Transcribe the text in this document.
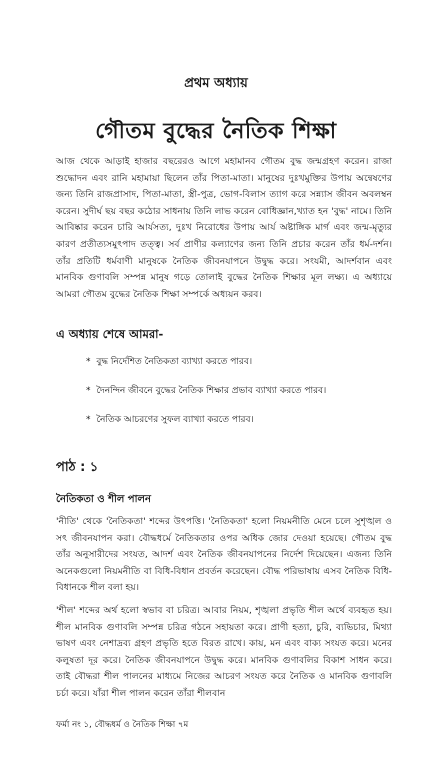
প্রথম অধ্যায়
গৌতম বুদ্ধের নৈতিক শিক্ষা

আজ থেকে আড়াই হাজার বছরেরও আগে মহামানব গৌতম বুদ্ধ জন্মগ্রহণ করেন। রাজা শুদ্ধোদন এবং রানি মহামায়া ছিলেন তাঁর পিতা-মাতা। মানুষের দুঃখমুক্তির উপায় অন্বেষণের জন্য তিনি রাজপ্রাসাদ, পিতা-মাতা, স্ত্রী-পুত্র, ভোগ-বিলাস ত্যাগ করে সন্ন্যাস জীবন অবলম্বন করেন। সুদীর্ঘ ছয় বছর কঠোর সাধনায় তিনি লাভ করেন বোধিজ্ঞান,খ্যাত হন 'বুদ্ধ' নামে। তিনি আবিষ্কার করেন চারি আর্যসত্য, দুঃখ নিরোধের উপায় আর্য অষ্টাঙ্গিক মার্গ এবং জন্ম-মৃত্যুর কারণ প্রতীত্যসমুৎপাদ তত্ত্ব। সর্ব প্রাণীর কল্যাণের জন্য তিনি প্রচার করেন তাঁর ধর্ম-দর্শন। তাঁর প্রতিটি ধর্মবাণী মানুষকে নৈতিক জীবনযাপনে উদ্বুদ্ধ করে। সংযমী, আদর্শবান এবং মানবিক গুণাবলি সম্পন্ন মানুষ গড়ে তোলাই বুদ্ধের নৈতিক শিক্ষার মূল লক্ষ্য। এ অধ্যায়ে আমরা গৌতম বুদ্ধের নৈতিক শিক্ষা সম্পর্কে অধ্যয়ন করব।

এ অধ্যায় শেষে আমরা-
* বুদ্ধ নির্দেশিত নৈতিকতা ব্যাখ্যা করতে পারব।
* দৈনন্দিন জীবনে বুদ্ধের নৈতিক শিক্ষার প্রভাব ব্যাখ্যা করতে পারব।
* নৈতিক আচরণের সুফল ব্যাখ্যা করতে পারব।
পাঠ : ১
নৈতিকতা ও শীল পালন

'নীতি' থেকে 'নৈতিকতা' শব্দের উৎপত্তি। 'নৈতিকতা' হলো নিয়মনীতি মেনে চলে সুশৃঙ্খল ও সৎ জীবনযাপন করা। বৌদ্ধধর্মে নৈতিকতার ওপর অধিক জোর দেওয়া হয়েছে। গৌতম বুদ্ধ তাঁর অনুসারীদের সংযত, আদর্শ এবং নৈতিক জীবনযাপনের নির্দেশ দিয়েছেন। এজন্য তিনি অনেকগুলো নিয়মনীতি বা বিধি-বিধান প্রবর্তন করেছেন। বৌদ্ধ পরিভাষায় এসব নৈতিক বিধি-বিধানকে শীল বলা হয়।

'শীল' শব্দের অর্থ হলো স্বভাব বা চরিত্র। আবার নিয়ম, শৃঙ্খলা প্রভৃতি শীল অর্থে ব্যবহৃত হয়। শীল মানবিক গুণাবলি সম্পন্ন চরিত্র গঠনে সহায়তা করে। প্রাণী হত্যা, চুরি, ব্যভিচার, মিথ্যা ভাষণ এবং নেশাদ্রব্য গ্রহণ প্রভৃতি হতে বিরত রাখে। কায়, মন এবং বাক্য সংযত করে। মনের কলুষতা দূর করে। নৈতিক জীবনযাপনে উদ্বুদ্ধ করে। মানবিক গুণাবলির বিকাশ সাধন করে। তাই বৌদ্ধরা শীল পালনের মাধ্যমে নিজের আচরণ সংযত করে নৈতিক ও মানবিক গুণাবলি চর্চা করে। যাঁরা শীল পালন করেন তাঁরা শীলবান

ফর্মা নং ১, বৌদ্ধধর্ম ও নৈতিক শিক্ষা ৭ম
